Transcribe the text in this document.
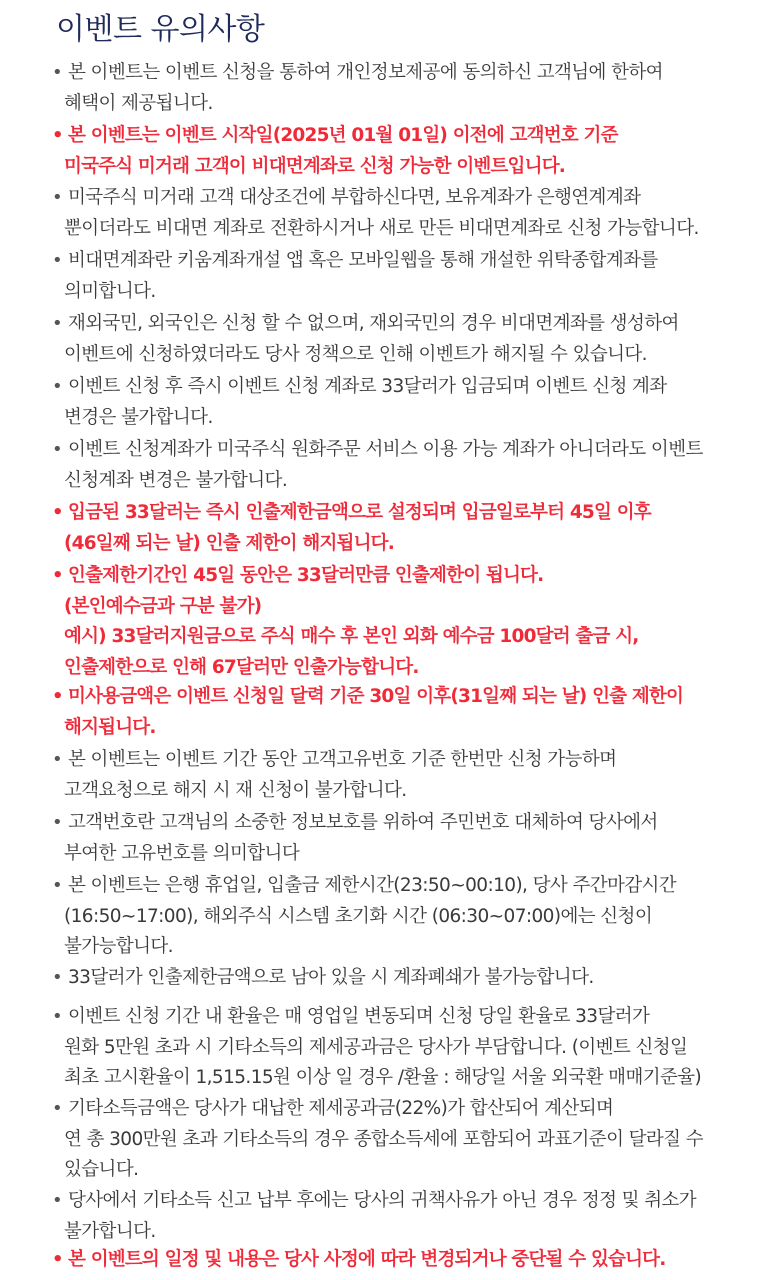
이벤트 유의사항
• 본 이벤트는 이벤트 신청을 통하여 개인정보제공에 동의하신 고객님에 한하여
혜택이 제공됩니다.
• 본 이벤트는 이벤트 시작일(2025년 01월 01일) 이전에 고객번호 기준
미국주식 미거래 고객이 비대면계좌로 신청 가능한 이벤트입니다.
• 미국주식 미거래 고객 대상조건에 부합하신다면, 보유계좌가 은행연계계좌
뿐이더라도 비대면 계좌로 전환하시거나 새로 만든 비대면계좌로 신청 가능합니다.
• 비대면계좌란 키움계좌개설 앱 혹은 모바일웹을 통해 개설한 위탁종합계좌를
의미합니다.
• 재외국민, 외국인은 신청 할 수 없으며, 재외국민의 경우 비대면계좌를 생성하여
이벤트에 신청하였더라도 당사 정책으로 인해 이벤트가 해지될 수 있습니다.
• 이벤트 신청 후 즉시 이벤트 신청 계좌로 33달러가 입금되며 이벤트 신청 계좌
변경은 불가합니다.
• 이벤트 신청계좌가 미국주식 원화주문 서비스 이용 가능 계좌가 아니더라도 이벤트
신청계좌 변경은 불가합니다.
• 입금된 33달러는 즉시 인출제한금액으로 설정되며 입금일로부터 45일 이후
(46일째 되는 날) 인출 제한이 해지됩니다.
• 인출제한기간인 45일 동안은 33달러만큼 인출제한이 됩니다.
(본인예수금과 구분 불가)
예시) 33달러지원금으로 주식 매수 후 본인 외화 예수금 100달러 출금 시,
인출제한으로 인해 67달러만 인출가능합니다.
• 미사용금액은 이벤트 신청일 달력 기준 30일 이후(31일째 되는 날) 인출 제한이
해지됩니다.
• 본 이벤트는 이벤트 기간 동안 고객고유번호 기준 한번만 신청 가능하며
고객요청으로 해지 시 재 신청이 불가합니다.
• 고객번호란 고객님의 소중한 정보보호를 위하여 주민번호 대체하여 당사에서
부여한 고유번호를 의미합니다
• 본 이벤트는 은행 휴업일, 입출금 제한시간(23:50~00:10), 당사 주간마감시간
(16:50~17:00), 해외주식 시스템 초기화 시간 (06:30~07:00)에는 신청이
불가능합니다.
• 33달러가 인출제한금액으로 남아 있을 시 계좌폐쇄가 불가능합니다.
• 이벤트 신청 기간 내 환율은 매 영업일 변동되며 신청 당일 환율로 33달러가
원화 5만원 초과 시 기타소득의 제세공과금은 당사가 부담합니다. (이벤트 신청일
최초 고시환율이 1,515.15원 이상 일 경우 /환율 : 해당일 서울 외국환 매매기준율)
• 기타소득금액은 당사가 대납한 제세공과금(22%)가 합산되어 계산되며
연 총 300만원 초과 기타소득의 경우 종합소득세에 포함되어 과표기준이 달라질 수
있습니다.
• 당사에서 기타소득 신고 납부 후에는 당사의 귀책사유가 아닌 경우 정정 및 취소가
불가합니다.
• 본 이벤트의 일정 및 내용은 당사 사정에 따라 변경되거나 중단될 수 있습니다.
